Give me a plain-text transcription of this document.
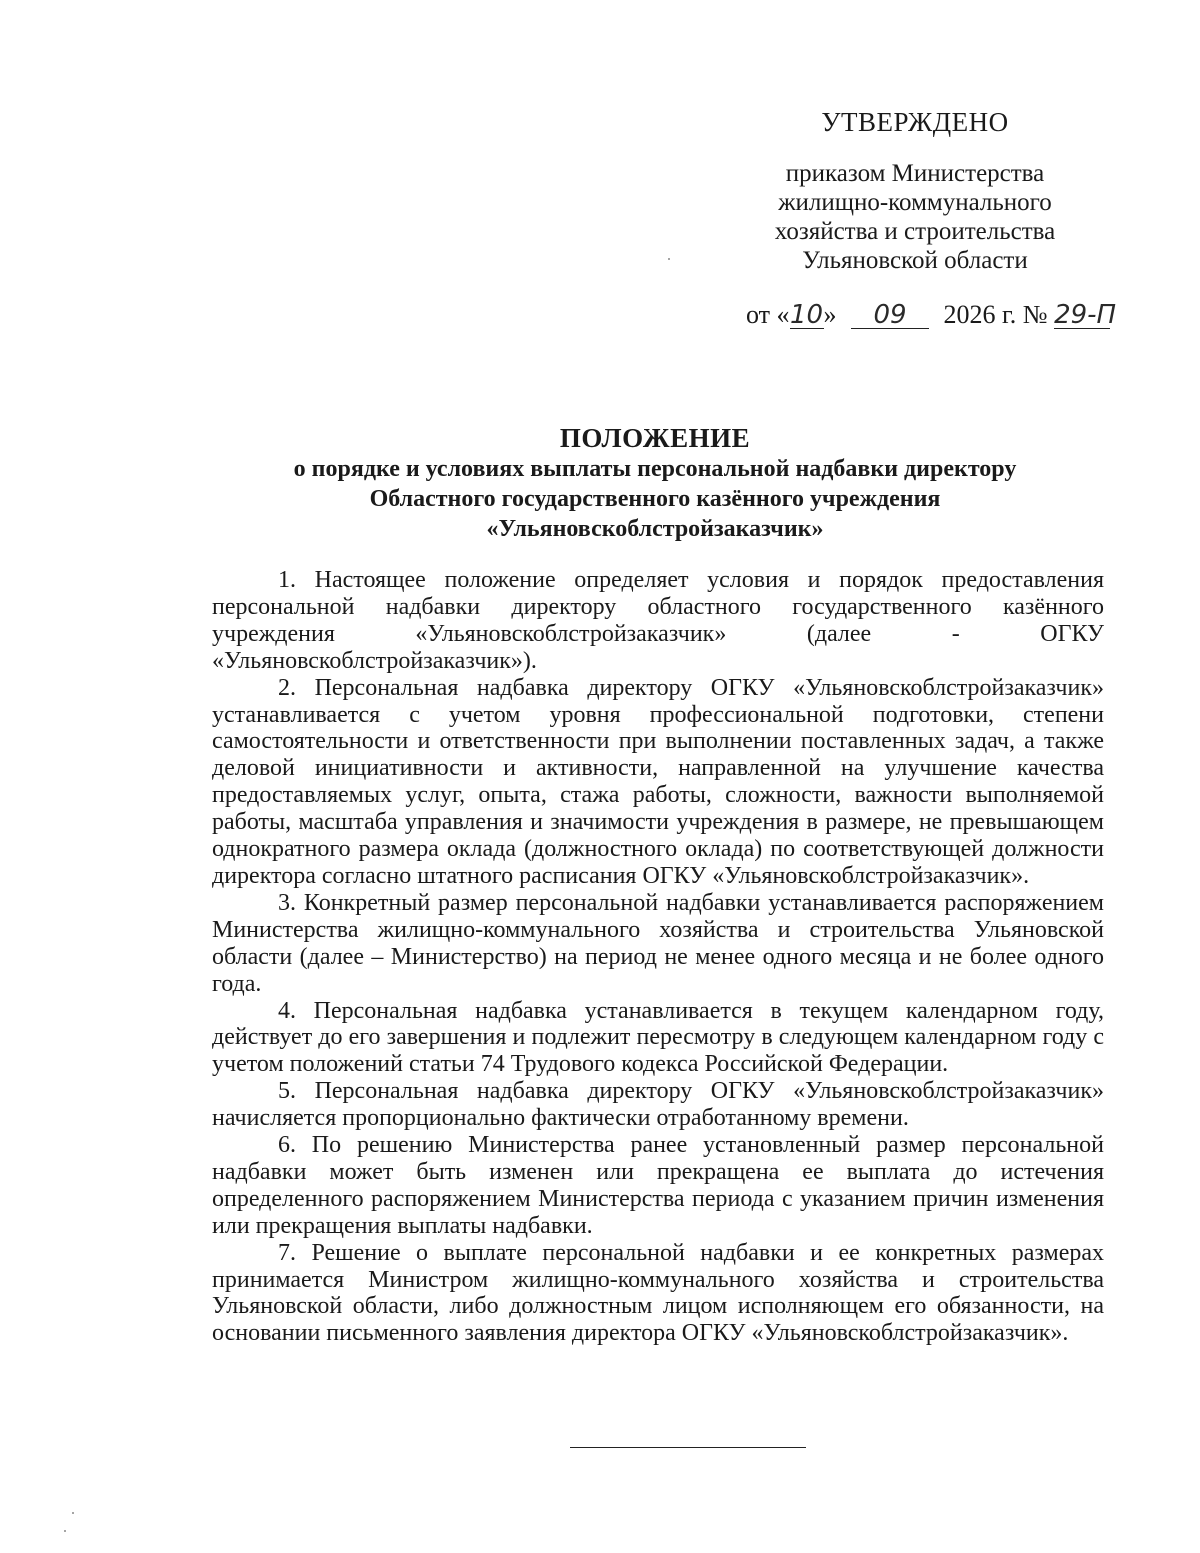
УТВЕРЖДЕНО
приказом Министерства
жилищно-коммунального
хозяйства и строительства
Ульяновской области
от «10» 09 2026 г. № 29-П
ПОЛОЖЕНИЕ
о порядке и условиях выплаты персональной надбавки директору
Областного государственного казённого учреждения
«Ульяновскоблстройзаказчик»

1. Настоящее положение определяет условия и порядок предоставления персональной надбавки директору областного государственного казённого учреждения «Ульяновскоблстройзаказчик» (далее - ОГКУ «Ульяновскоблстройзаказчик»).

2. Персональная надбавка директору ОГКУ «Ульяновскоблстройзаказчик» устанавливается с учетом уровня профессиональной подготовки, степени самостоятельности и ответственности при выполнении поставленных задач, а также деловой инициативности и активности, направленной на улучшение качества предоставляемых услуг, опыта, стажа работы, сложности, важности выполняемой работы, масштаба управления и значимости учреждения в размере, не превышающем однократного размера оклада (должностного оклада) по соответствующей должности директора согласно штатного расписания ОГКУ «Ульяновскоблстройзаказчик».

3. Конкретный размер персональной надбавки устанавливается распоряжением Министерства жилищно-коммунального хозяйства и строительства Ульяновской области (далее – Министерство) на период не менее одного месяца и не более одного года.

4. Персональная надбавка устанавливается в текущем календарном году, действует до его завершения и подлежит пересмотру в следующем календарном году с учетом положений статьи 74 Трудового кодекса Российской Федерации.

5. Персональная надбавка директору ОГКУ «Ульяновскоблстройзаказчик» начисляется пропорционально фактически отработанному времени.

6. По решению Министерства ранее установленный размер персональной надбавки может быть изменен или прекращена ее выплата до истечения определенного распоряжением Министерства периода с указанием причин изменения или прекращения выплаты надбавки.

7. Решение о выплате персональной надбавки и ее конкретных размерах принимается Министром жилищно-коммунального хозяйства и строительства Ульяновской области, либо должностным лицом исполняющем его обязанности, на основании письменного заявления директора ОГКУ «Ульяновскоблстройзаказчик».
